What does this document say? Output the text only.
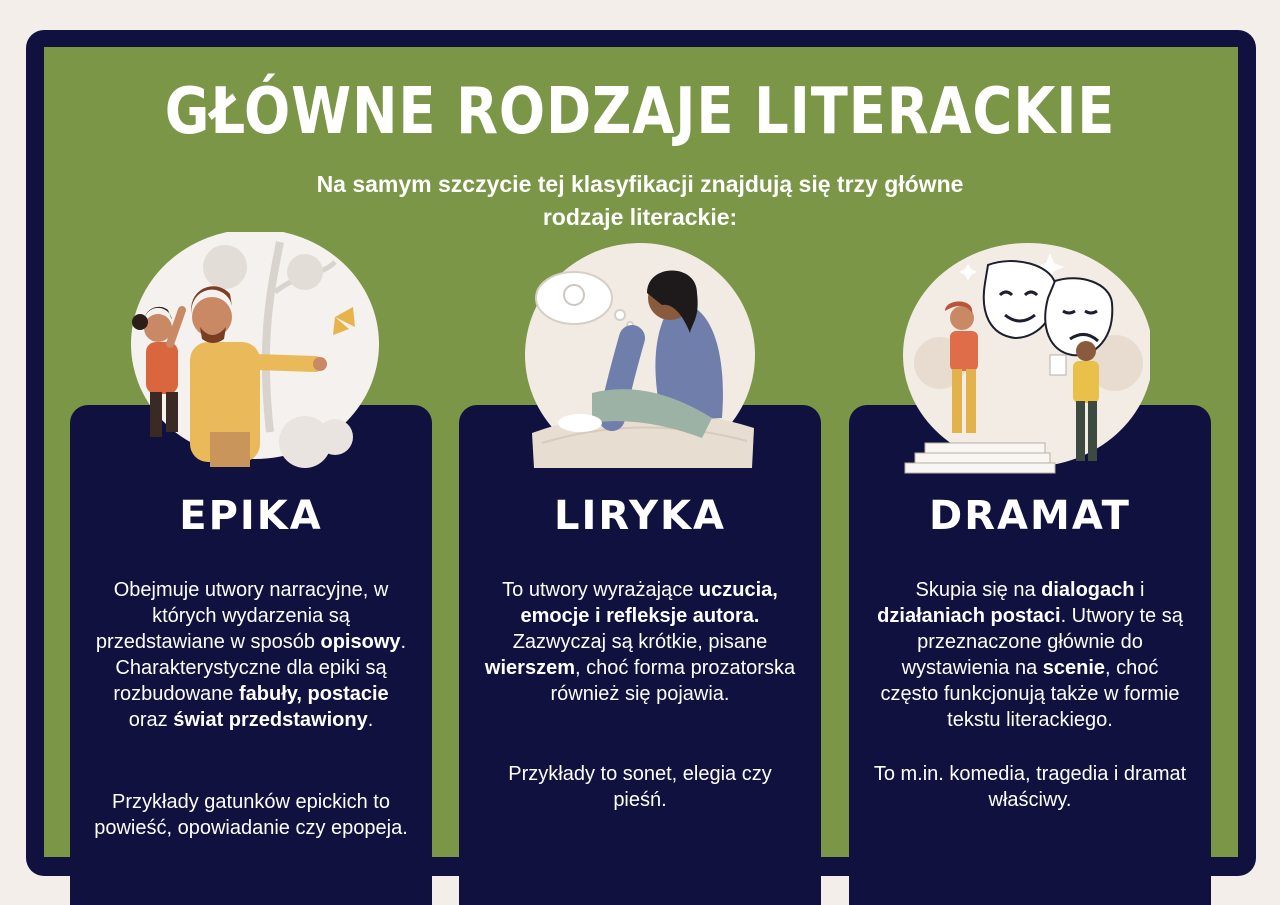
GŁÓWNE RODZAJE LITERACKIE
Na samym szczycie tej klasyfikacji znajdują się trzy główne
rodzaje literackie:
EPIKA
Obejmuje utwory narracyjne, w których wydarzenia są przedstawiane w sposób opisowy. Charakterystyczne dla epiki są rozbudowane fabuły, postacie oraz świat przedstawiony.
Przykłady gatunków epickich to powieść, opowiadanie czy epopeja.
LIRYKA
To utwory wyrażające uczucia, emocje i refleksje autora. Zazwyczaj są krótkie, pisane wierszem, choć forma prozatorska również się pojawia.
Przykłady to sonet, elegia czy pieśń.
DRAMAT
Skupia się na dialogach i działaniach postaci. Utwory te są przeznaczone głównie do wystawienia na scenie, choć często funkcjonują także w formie tekstu literackiego.
To m.in. komedia, tragedia i dramat właściwy.
